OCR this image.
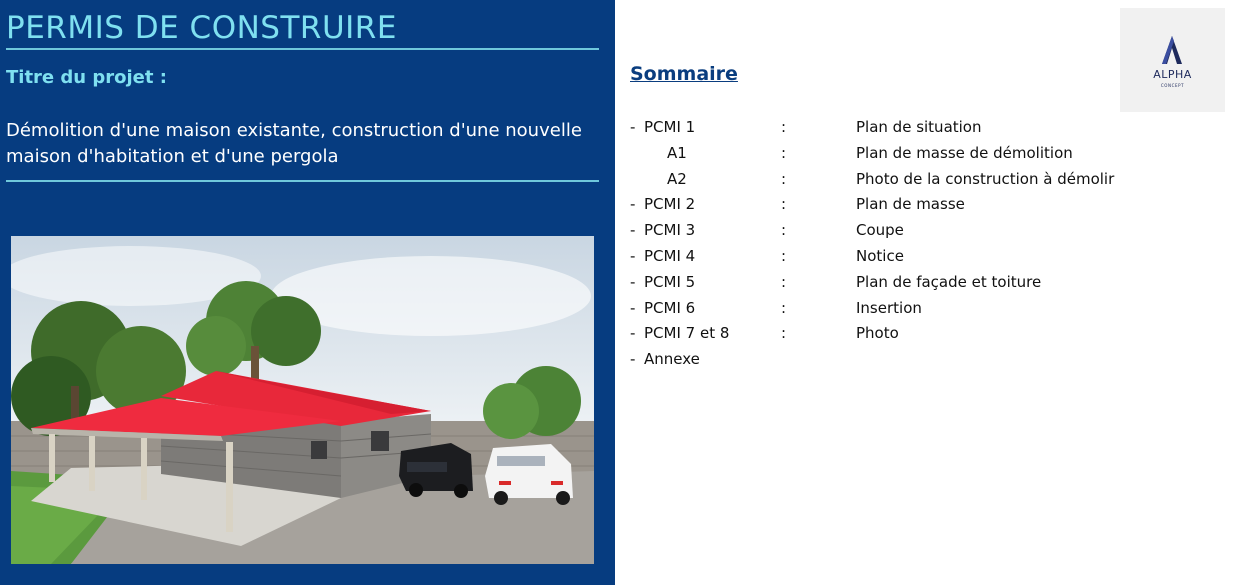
PERMIS DE CONSTRUIRE
Titre du projet :
Démolition d'une maison existante, construction d'une nouvelle maison d'habitation et d'une pergola
ALPHA
CONCEPT
Sommaire
- PCMI 1	:	Plan de situation
A1	:	Plan de masse de démolition
A2	:	Photo de la construction à démolir
- PCMI 2	:	Plan de masse
- PCMI 3	:	Coupe
- PCMI 4	:	Notice
- PCMI 5	:	Plan de façade et toiture
- PCMI 6	:	Insertion
- PCMI 7 et 8	:	Photo
- Annexe
